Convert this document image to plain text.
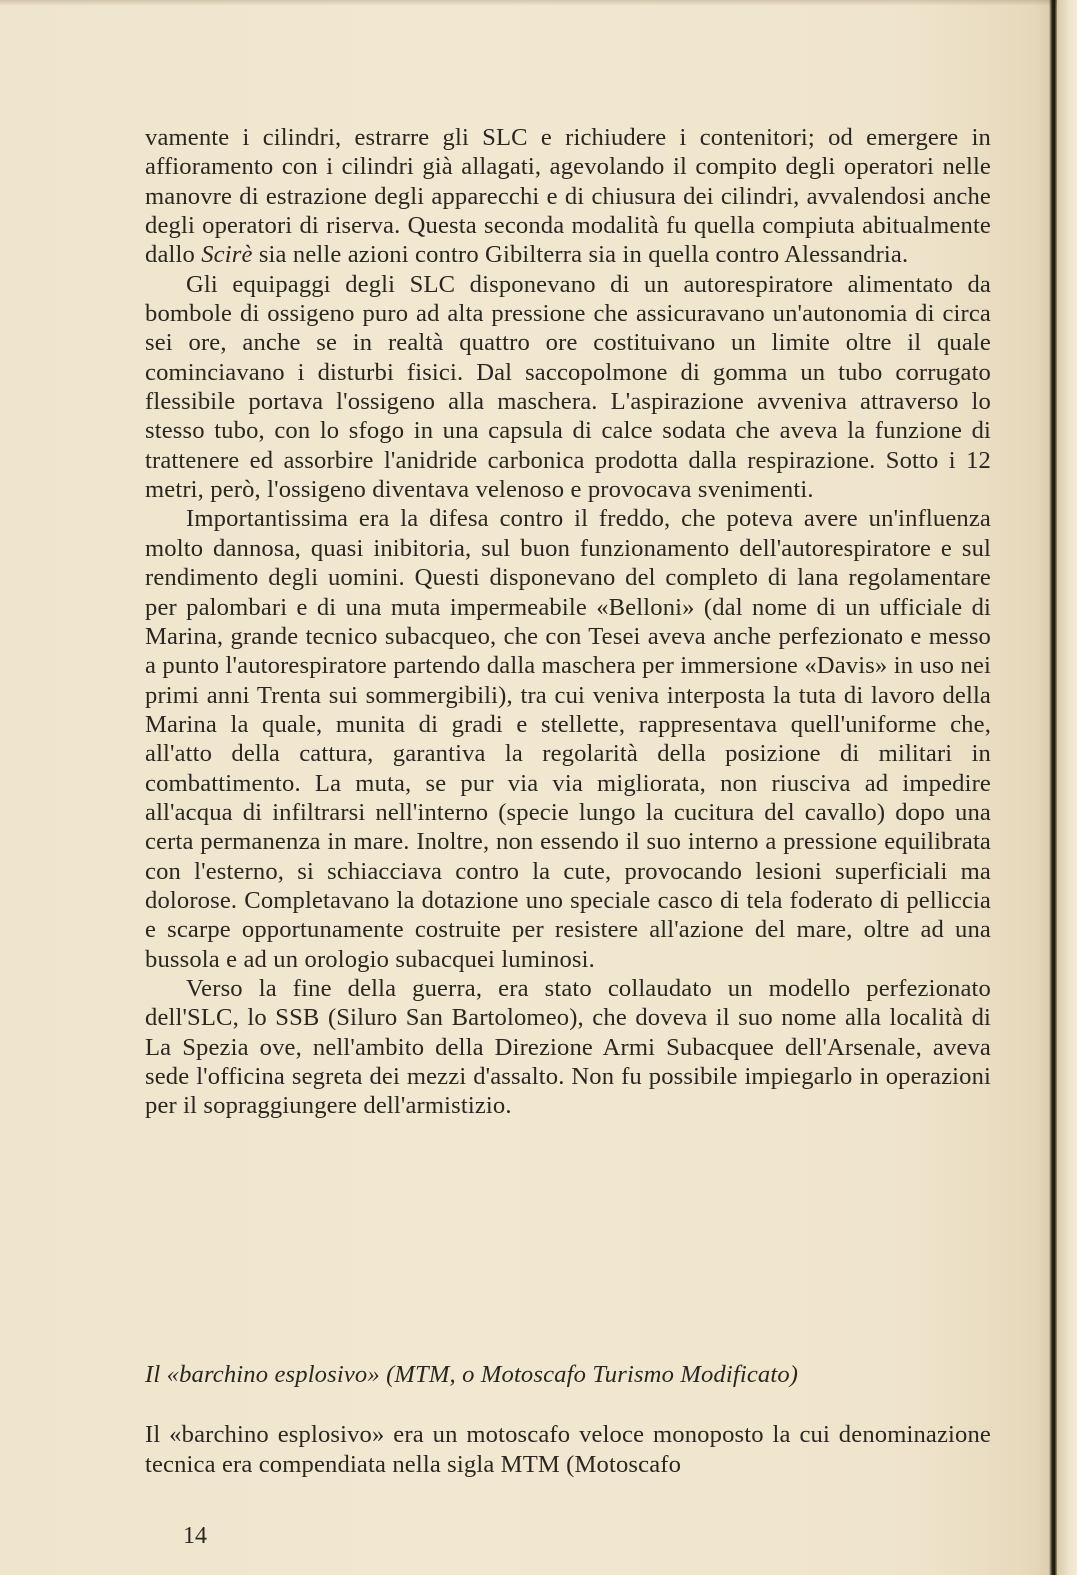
vamente i cilindri, estrarre gli SLC e richiudere i contenitori; od emergere in affioramento con i cilindri già allagati, agevolando il compito degli operatori nelle manovre di estrazione degli apparecchi e di chiusura dei cilindri, avvalendosi anche degli operatori di riserva. Questa seconda modalità fu quella compiuta abitualmente dallo Scirè sia nelle azioni contro Gibilterra sia in quella contro Alessandria.

Gli equipaggi degli SLC disponevano di un autorespiratore alimentato da bombole di ossigeno puro ad alta pressione che assicuravano un'autonomia di circa sei ore, anche se in realtà quattro ore costituivano un limite oltre il quale cominciavano i disturbi fisici. Dal saccopolmone di gomma un tubo corrugato flessibile portava l'ossigeno alla maschera. L'aspirazione avveniva attraverso lo stesso tubo, con lo sfogo in una capsula di calce sodata che aveva la funzione di trattenere ed assorbire l'anidride carbonica prodotta dalla respirazione. Sotto i 12 metri, però, l'ossigeno diventava velenoso e provocava svenimenti.

Importantissima era la difesa contro il freddo, che poteva avere un'influenza molto dannosa, quasi inibitoria, sul buon funzionamento dell'autorespiratore e sul rendimento degli uomini. Questi disponevano del completo di lana regolamentare per palombari e di una muta impermeabile «Belloni» (dal nome di un ufficiale di Marina, grande tecnico subacqueo, che con Tesei aveva anche perfezionato e messo a punto l'autorespiratore partendo dalla maschera per immersione «Davis» in uso nei primi anni Trenta sui sommergibili), tra cui veniva interposta la tuta di lavoro della Marina la quale, munita di gradi e stellette, rappresentava quell'uniforme che, all'atto della cattura, garantiva la regolarità della posizione di militari in combattimento. La muta, se pur via via migliorata, non riusciva ad impedire all'acqua di infiltrarsi nell'interno (specie lungo la cucitura del cavallo) dopo una certa permanenza in mare. Inoltre, non essendo il suo interno a pressione equilibrata con l'esterno, si schiacciava contro la cute, provocando lesioni superficiali ma dolorose. Completavano la dotazione uno speciale casco di tela foderato di pelliccia e scarpe opportunamente costruite per resistere all'azione del mare, oltre ad una bussola e ad un orologio subacquei luminosi.

Verso la fine della guerra, era stato collaudato un modello perfezionato dell'SLC, lo SSB (Siluro San Bartolomeo), che doveva il suo nome alla località di La Spezia ove, nell'ambito della Direzione Armi Subacquee dell'Arsenale, aveva sede l'officina segreta dei mezzi d'assalto. Non fu possibile impiegarlo in operazioni per il sopraggiungere dell'armistizio.

Il «barchino esplosivo» (MTM, o Motoscafo Turismo Modificato)

Il «barchino esplosivo» era un motoscafo veloce monoposto la cui denominazione tecnica era compendiata nella sigla MTM (Motoscafo

14
